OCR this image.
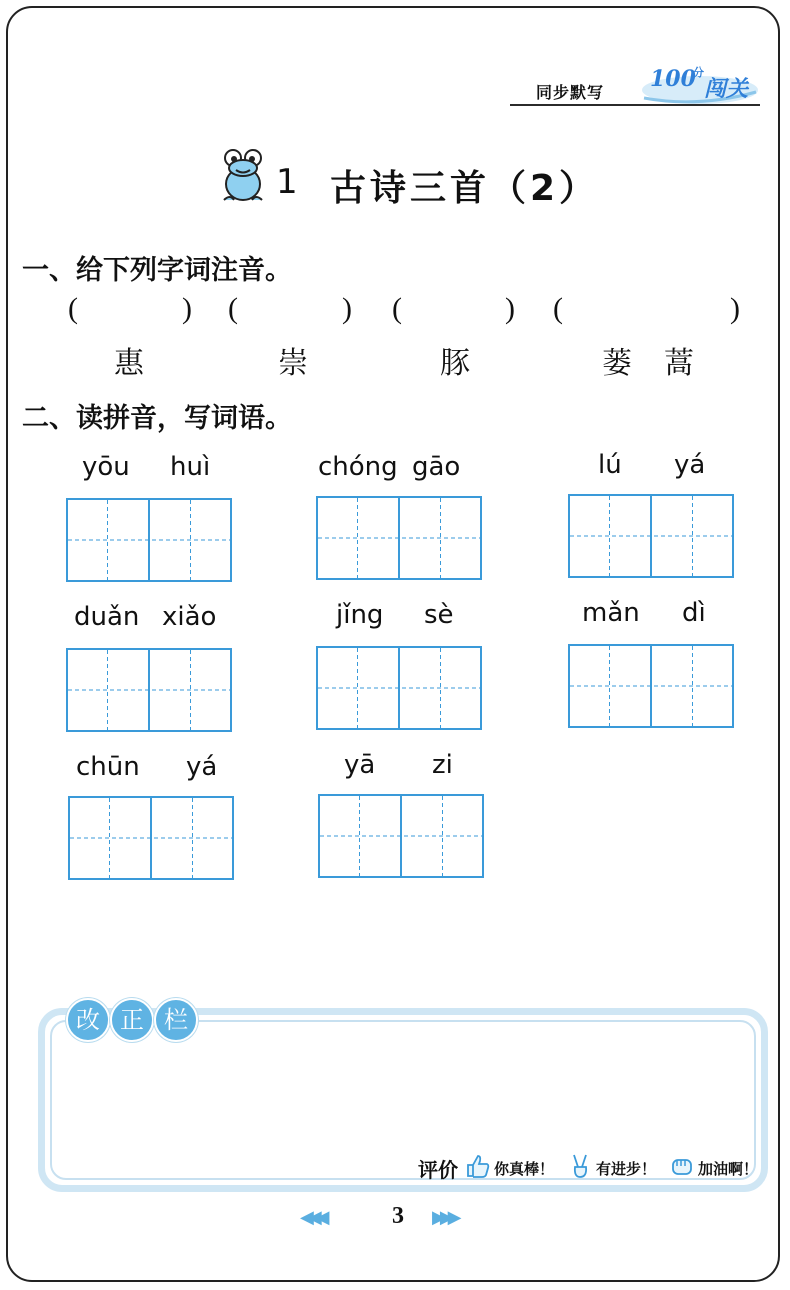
同步默写
100
分
闯关
1 古诗三首（2）
一、给下列字词注音。
(	) (	) (	) (	)
惠	崇	豚	蒌 蒿
二、读拼音，写词语。
yōu huì	chóng gāo	lú yá
duǎn xiǎo	jǐng sè	mǎn dì
chūn yá	yā zi
改 正 栏
评价 你真棒！	有进步！	加油啊！
◀◀◀	3 ▶▶▶
